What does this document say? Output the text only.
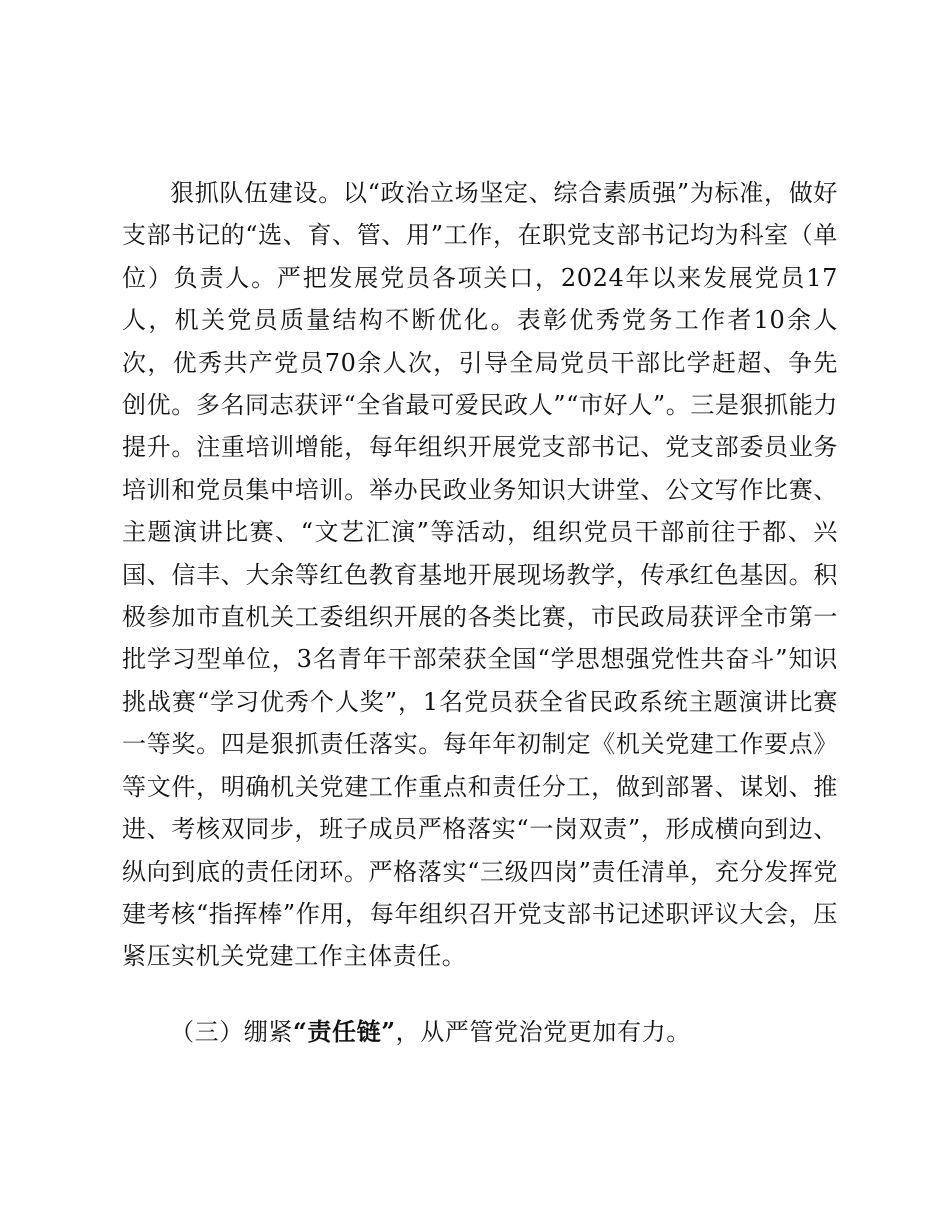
狠抓队伍建设。以“政治立场坚定、综合素质强”为标准，做好支部书记的“选、育、管、用”工作，在职党支部书记均为科室（单位）负责人。严把发展党员各项关口，2024年以来发展党员17人，机关党员质量结构不断优化。表彰优秀党务工作者10余人次，优秀共产党员70余人次，引导全局党员干部比学赶超、争先创优。多名同志获评“全省最可爱民政人”“市好人”。三是狠抓能力提升。注重培训增能，每年组织开展党支部书记、党支部委员业务培训和党员集中培训。举办民政业务知识大讲堂、公文写作比赛、主题演讲比赛、“文艺汇演”等活动，组织党员干部前往于都、兴国、信丰、大余等红色教育基地开展现场教学，传承红色基因。积极参加市直机关工委组织开展的各类比赛，市民政局获评全市第一批学习型单位，3名青年干部荣获全国“学思想强党性共奋斗”知识挑战赛“学习优秀个人奖”，1名党员获全省民政系统主题演讲比赛一等奖。四是狠抓责任落实。每年年初制定《机关党建工作要点》等文件，明确机关党建工作重点和责任分工，做到部署、谋划、推进、考核双同步，班子成员严格落实“一岗双责”，形成横向到边、纵向到底的责任闭环。严格落实“三级四岗”责任清单，充分发挥党建考核“指挥棒”作用，每年组织召开党支部书记述职评议大会，压紧压实机关党建工作主体责任。

（三）绷紧“责任链”，从严管党治党更加有力。
